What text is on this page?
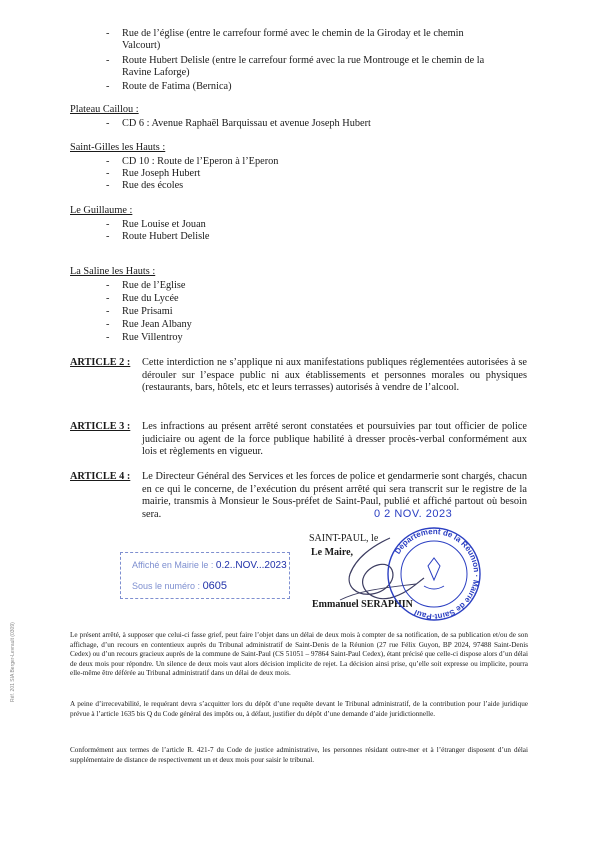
- Rue de l’église (entre le carrefour formé avec le chemin de la Giroday et le chemin
Valcourt)
- Route Hubert Delisle (entre le carrefour formé avec la rue Montrouge et le chemin de la
Ravine Laforge)
- Route de Fatima (Bernica)
Plateau Caillou :
- CD 6 : Avenue Raphaël Barquissau et avenue Joseph Hubert
Saint-Gilles les Hauts :
- CD 10 : Route de l’Eperon à l’Eperon
- Rue Joseph Hubert
- Rue des écoles
Le Guillaume :
- Rue Louise et Jouan
- Route Hubert Delisle
La Saline les Hauts :
- Rue de l’Eglise
- Rue du Lycée
- Rue Prisami
- Rue Jean Albany
- Rue Villentroy
ARTICLE 2 : Cette interdiction ne s’applique ni aux manifestations publiques réglementées autorisées à se dérouler sur l’espace public ni aux établissements et personnes morales ou physiques (restaurants, bars, hôtels, etc et leurs terrasses) autorisés à vendre de l’alcool.
ARTICLE 3 : Les infractions au présent arrêté seront constatées et poursuivies par tout officier de police judiciaire ou agent de la force publique habilité à dresser procès-verbal conformément aux lois et règlements en vigueur.
ARTICLE 4 : Le Directeur Général des Services et les forces de police et gendarmerie sont chargés, chacun en ce qui le concerne, de l’exécution du présent arrêté qui sera transcrit sur le registre de la mairie, transmis à Monsieur le Sous-préfet de Saint-Paul, publié et affiché partout où besoin sera.	0 2 NOV. 2023
Affiché en Mairie le : 0.2..NOV...2023
Sous le numéro : 0605
SAINT-PAUL, le
Le Maire,
Emmanuel SERAPHIN
Département de la Réunion · Mairie de Saint-Paul
Le présent arrêté, à supposer que celui-ci fasse grief, peut faire l’objet dans un délai de deux mois à compter de sa notification, de sa publication et/ou de son affichage, d’un recours en contentieux auprès du Tribunal administratif de Saint-Denis de la Réunion (27 rue Félix Guyon, BP 2024, 97488 Saint-Denis Cedex) ou d’un recours gracieux auprès de la commune de Saint-Paul (CS 51051 – 97864 Saint-Paul Cedex), étant précisé que celle-ci dispose alors d’un délai de deux mois pour répondre. Un silence de deux mois vaut alors décision implicite de rejet. La décision ainsi prise, qu’elle soit expresse ou implicite, pourra elle-même être déférée au Tribunal administratif dans un délai de deux mois.
A peine d’irrecevabilité, le requérant devra s’acquitter lors du dépôt d’une requête devant le Tribunal administratif, de la contribution pour l’aide juridique prévue à l’article 1635 bis Q du Code général des impôts ou, à défaut, justifier du dépôt d’une demande d’aide juridictionnelle.
Conformément aux termes de l’article R. 421-7 du Code de justice administrative, les personnes résidant outre-mer et à l’étranger disposent d’un délai supplémentaire de distance de respectivement un et deux mois pour saisir le tribunal.
Réf. 201 SIA Berger-Levrault (0309)
